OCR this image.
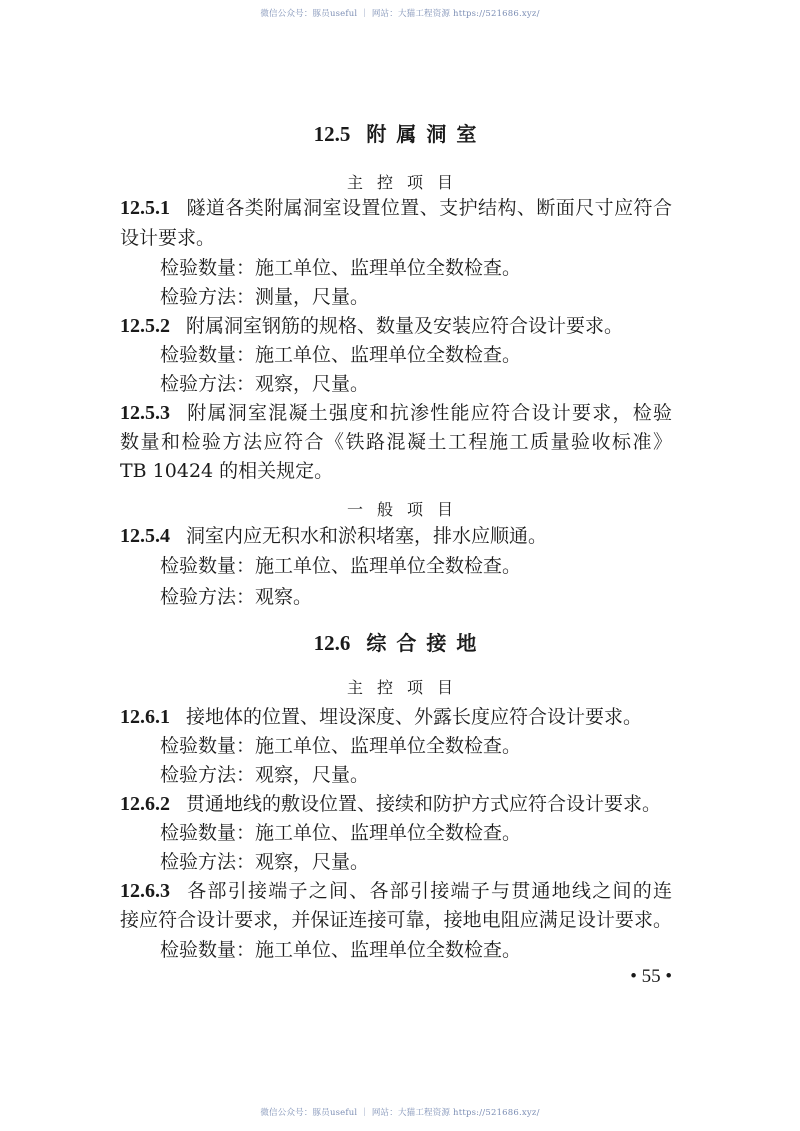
微信公众号：豚员useful ｜ 网站：大猫工程资源 https://521686.xyz/
12.5 附属洞室
主控项目
12.5.1 隧道各类附属洞室设置位置、支护结构、断面尺寸应符合
设计要求。
检验数量：施工单位、监理单位全数检查。
检验方法：测量，尺量。
12.5.2 附属洞室钢筋的规格、数量及安装应符合设计要求。
检验数量：施工单位、监理单位全数检查。
检验方法：观察，尺量。
12.5.3 附属洞室混凝土强度和抗渗性能应符合设计要求，检验
数量和检验方法应符合《铁路混凝土工程施工质量验收标准》
TB 10424 的相关规定。
一般项目
12.5.4 洞室内应无积水和淤积堵塞，排水应顺通。
检验数量：施工单位、监理单位全数检查。
检验方法：观察。
12.6 综合接地
主控项目
12.6.1 接地体的位置、埋设深度、外露长度应符合设计要求。
检验数量：施工单位、监理单位全数检查。
检验方法：观察，尺量。
12.6.2 贯通地线的敷设位置、接续和防护方式应符合设计要求。
检验数量：施工单位、监理单位全数检查。
检验方法：观察，尺量。
12.6.3 各部引接端子之间、各部引接端子与贯通地线之间的连
接应符合设计要求，并保证连接可靠，接地电阻应满足设计要求。
检验数量：施工单位、监理单位全数检查。
• 55 •
微信公众号：豚员useful ｜ 网站：大猫工程资源 https://521686.xyz/
